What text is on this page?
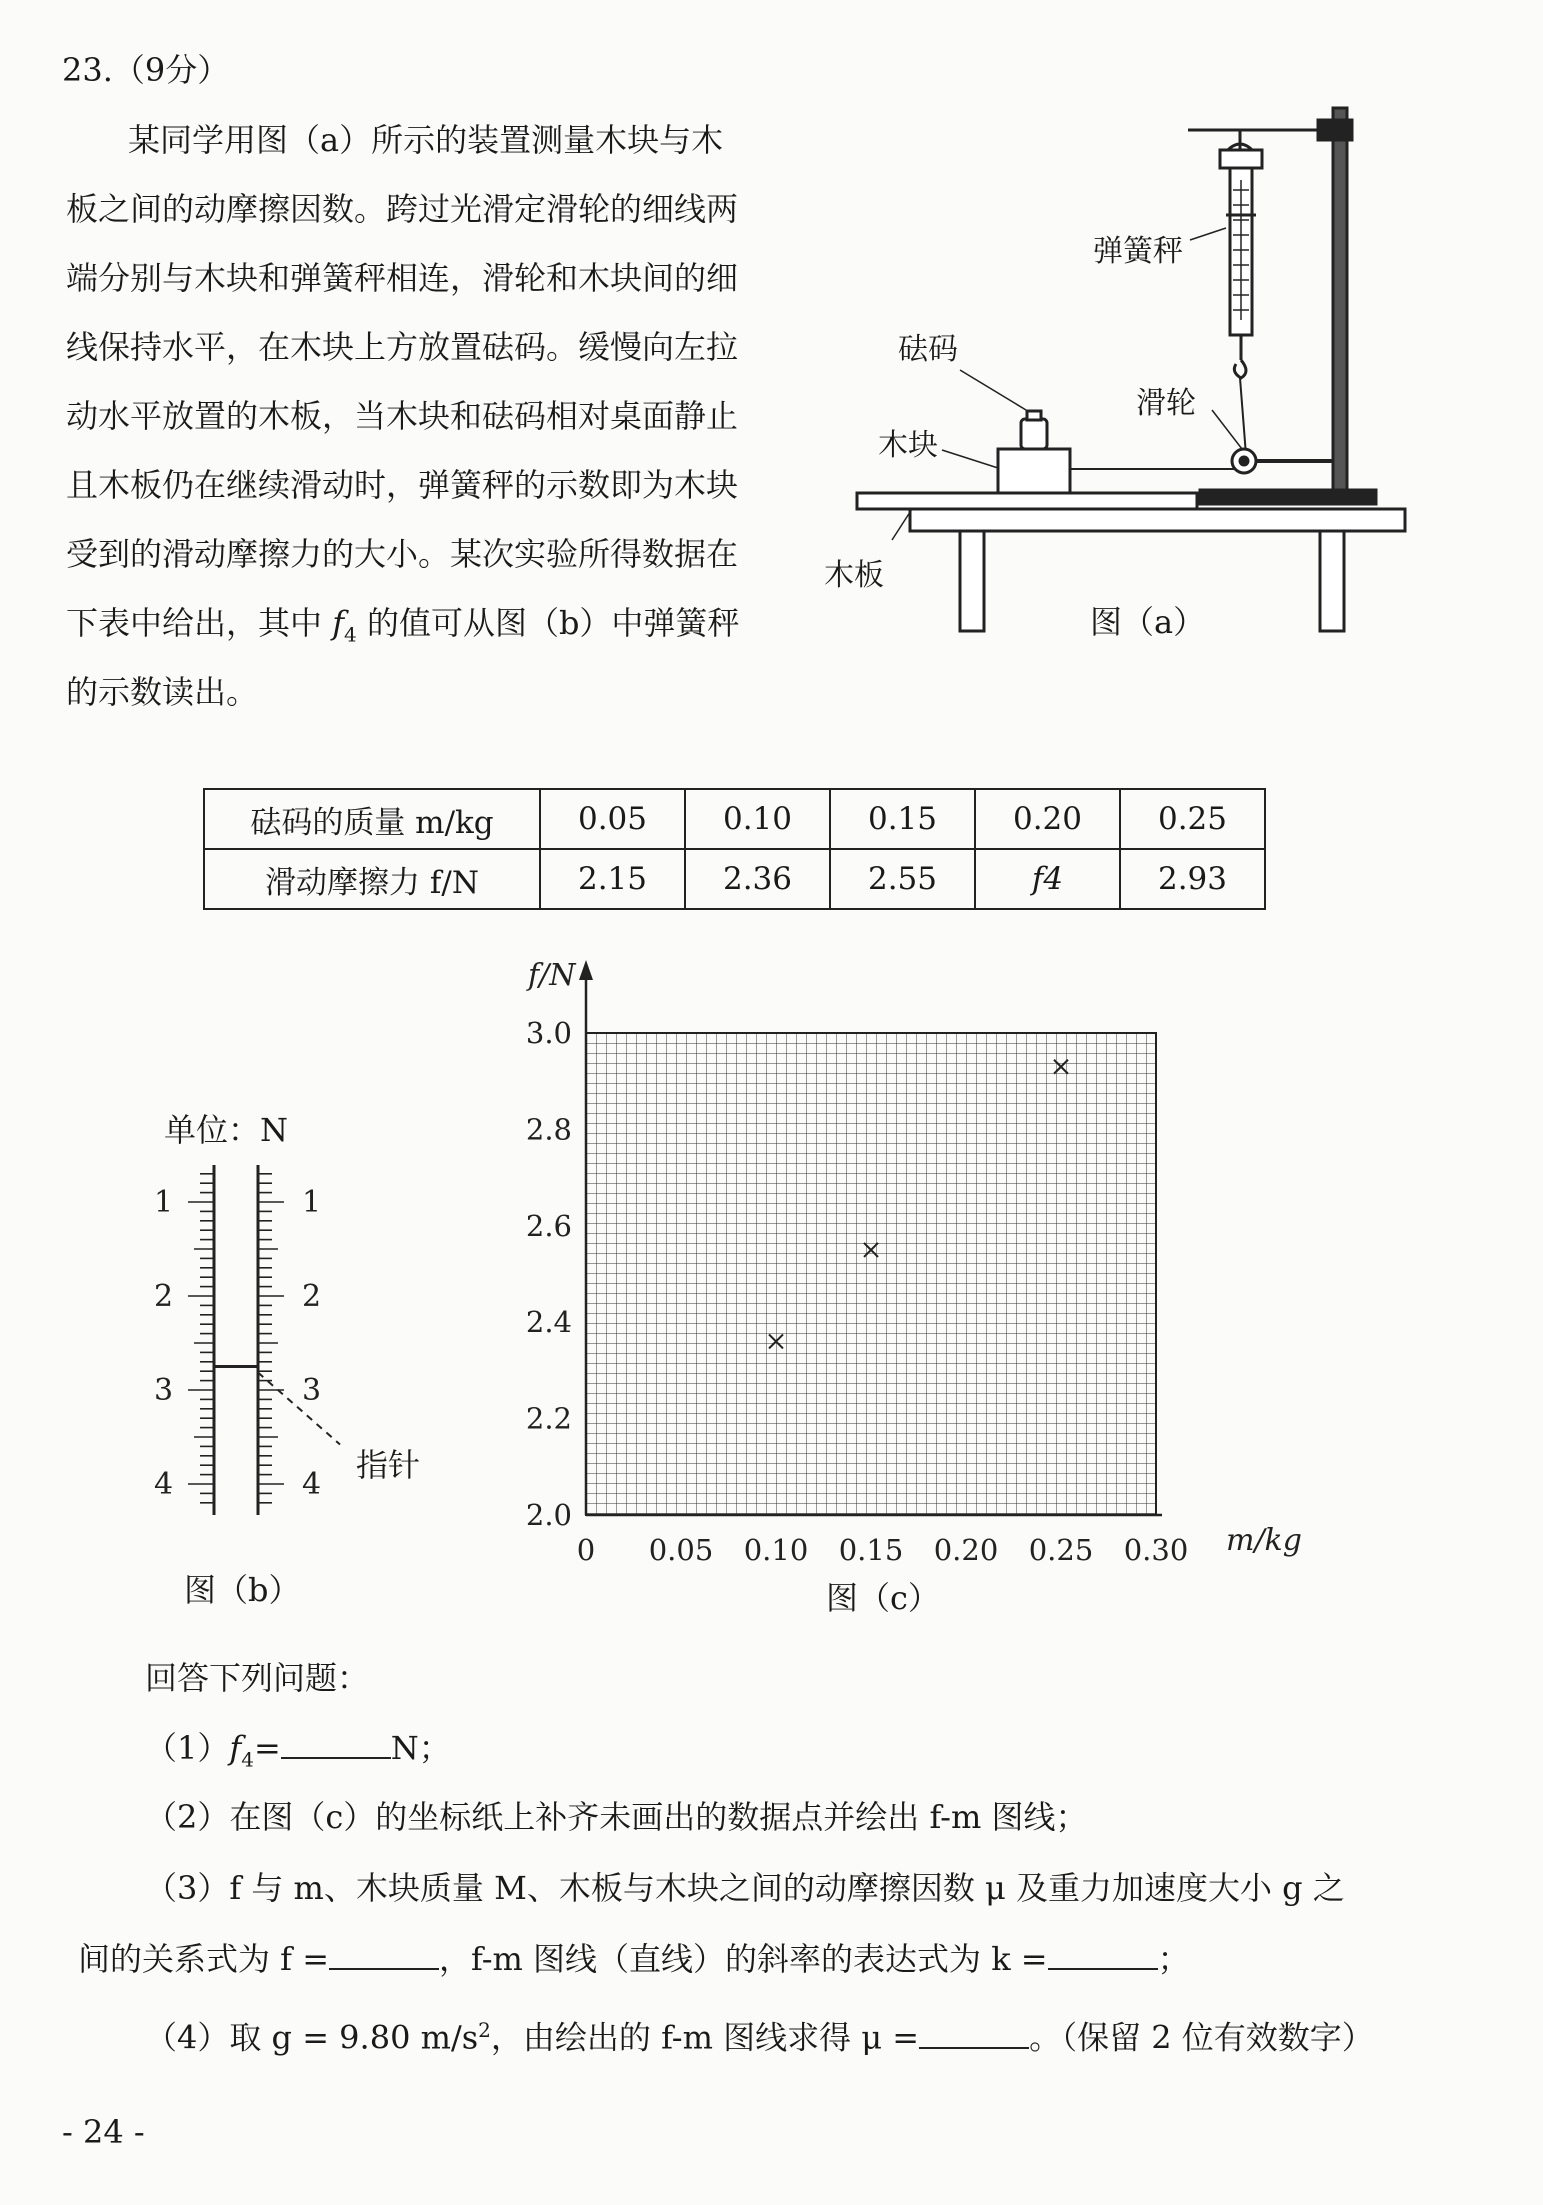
23.（9分）
某同学用图（a）所示的装置测量木块与木
板之间的动摩擦因数。跨过光滑定滑轮的细线两
端分别与木块和弹簧秤相连，滑轮和木块间的细
线保持水平，在木块上方放置砝码。缓慢向左拉
动水平放置的木板，当木块和砝码相对桌面静止
且木板仍在继续滑动时，弹簧秤的示数即为木块
受到的滑动摩擦力的大小。某次实验所得数据在
下表中给出，其中 $f_4$ 的值可从图（b）中弹簧秤
的示数读出。
弹簧秤
砝码
滑轮
木块
木板
图（a）
砝码的质量 m/kg	0.05	0.10	0.15	0.20	0.25
滑动摩擦力 f/N	2.15	2.36	2.55	f4	2.93
单位：N
1
2
3
4
1
2
3
4
指针
图（b）
0 0.05 0.10 0.15 0.20 0.25 0.30
2.0
2.2
2.4
2.6
2.8
3.0
f/N
m/kg
图（c）
回答下列问题：
$(1)f_4=$	N；
（2）在图（c）的坐标纸上补齐未画出的数据点并绘出 f-m 图线；
（3）f 与 m、木块质量 M、木板与木块之间的动摩擦因数 μ 及重力加速度大小 g 之
间的关系式为 f =	，f-m 图线（直线）的斜率的表达式为 k =	；
（4）取 g = 9.80 $m/s^2$，由绘出的 f-m 图线求得 μ =	。（保留 2 位有效数字）
- 24 -
